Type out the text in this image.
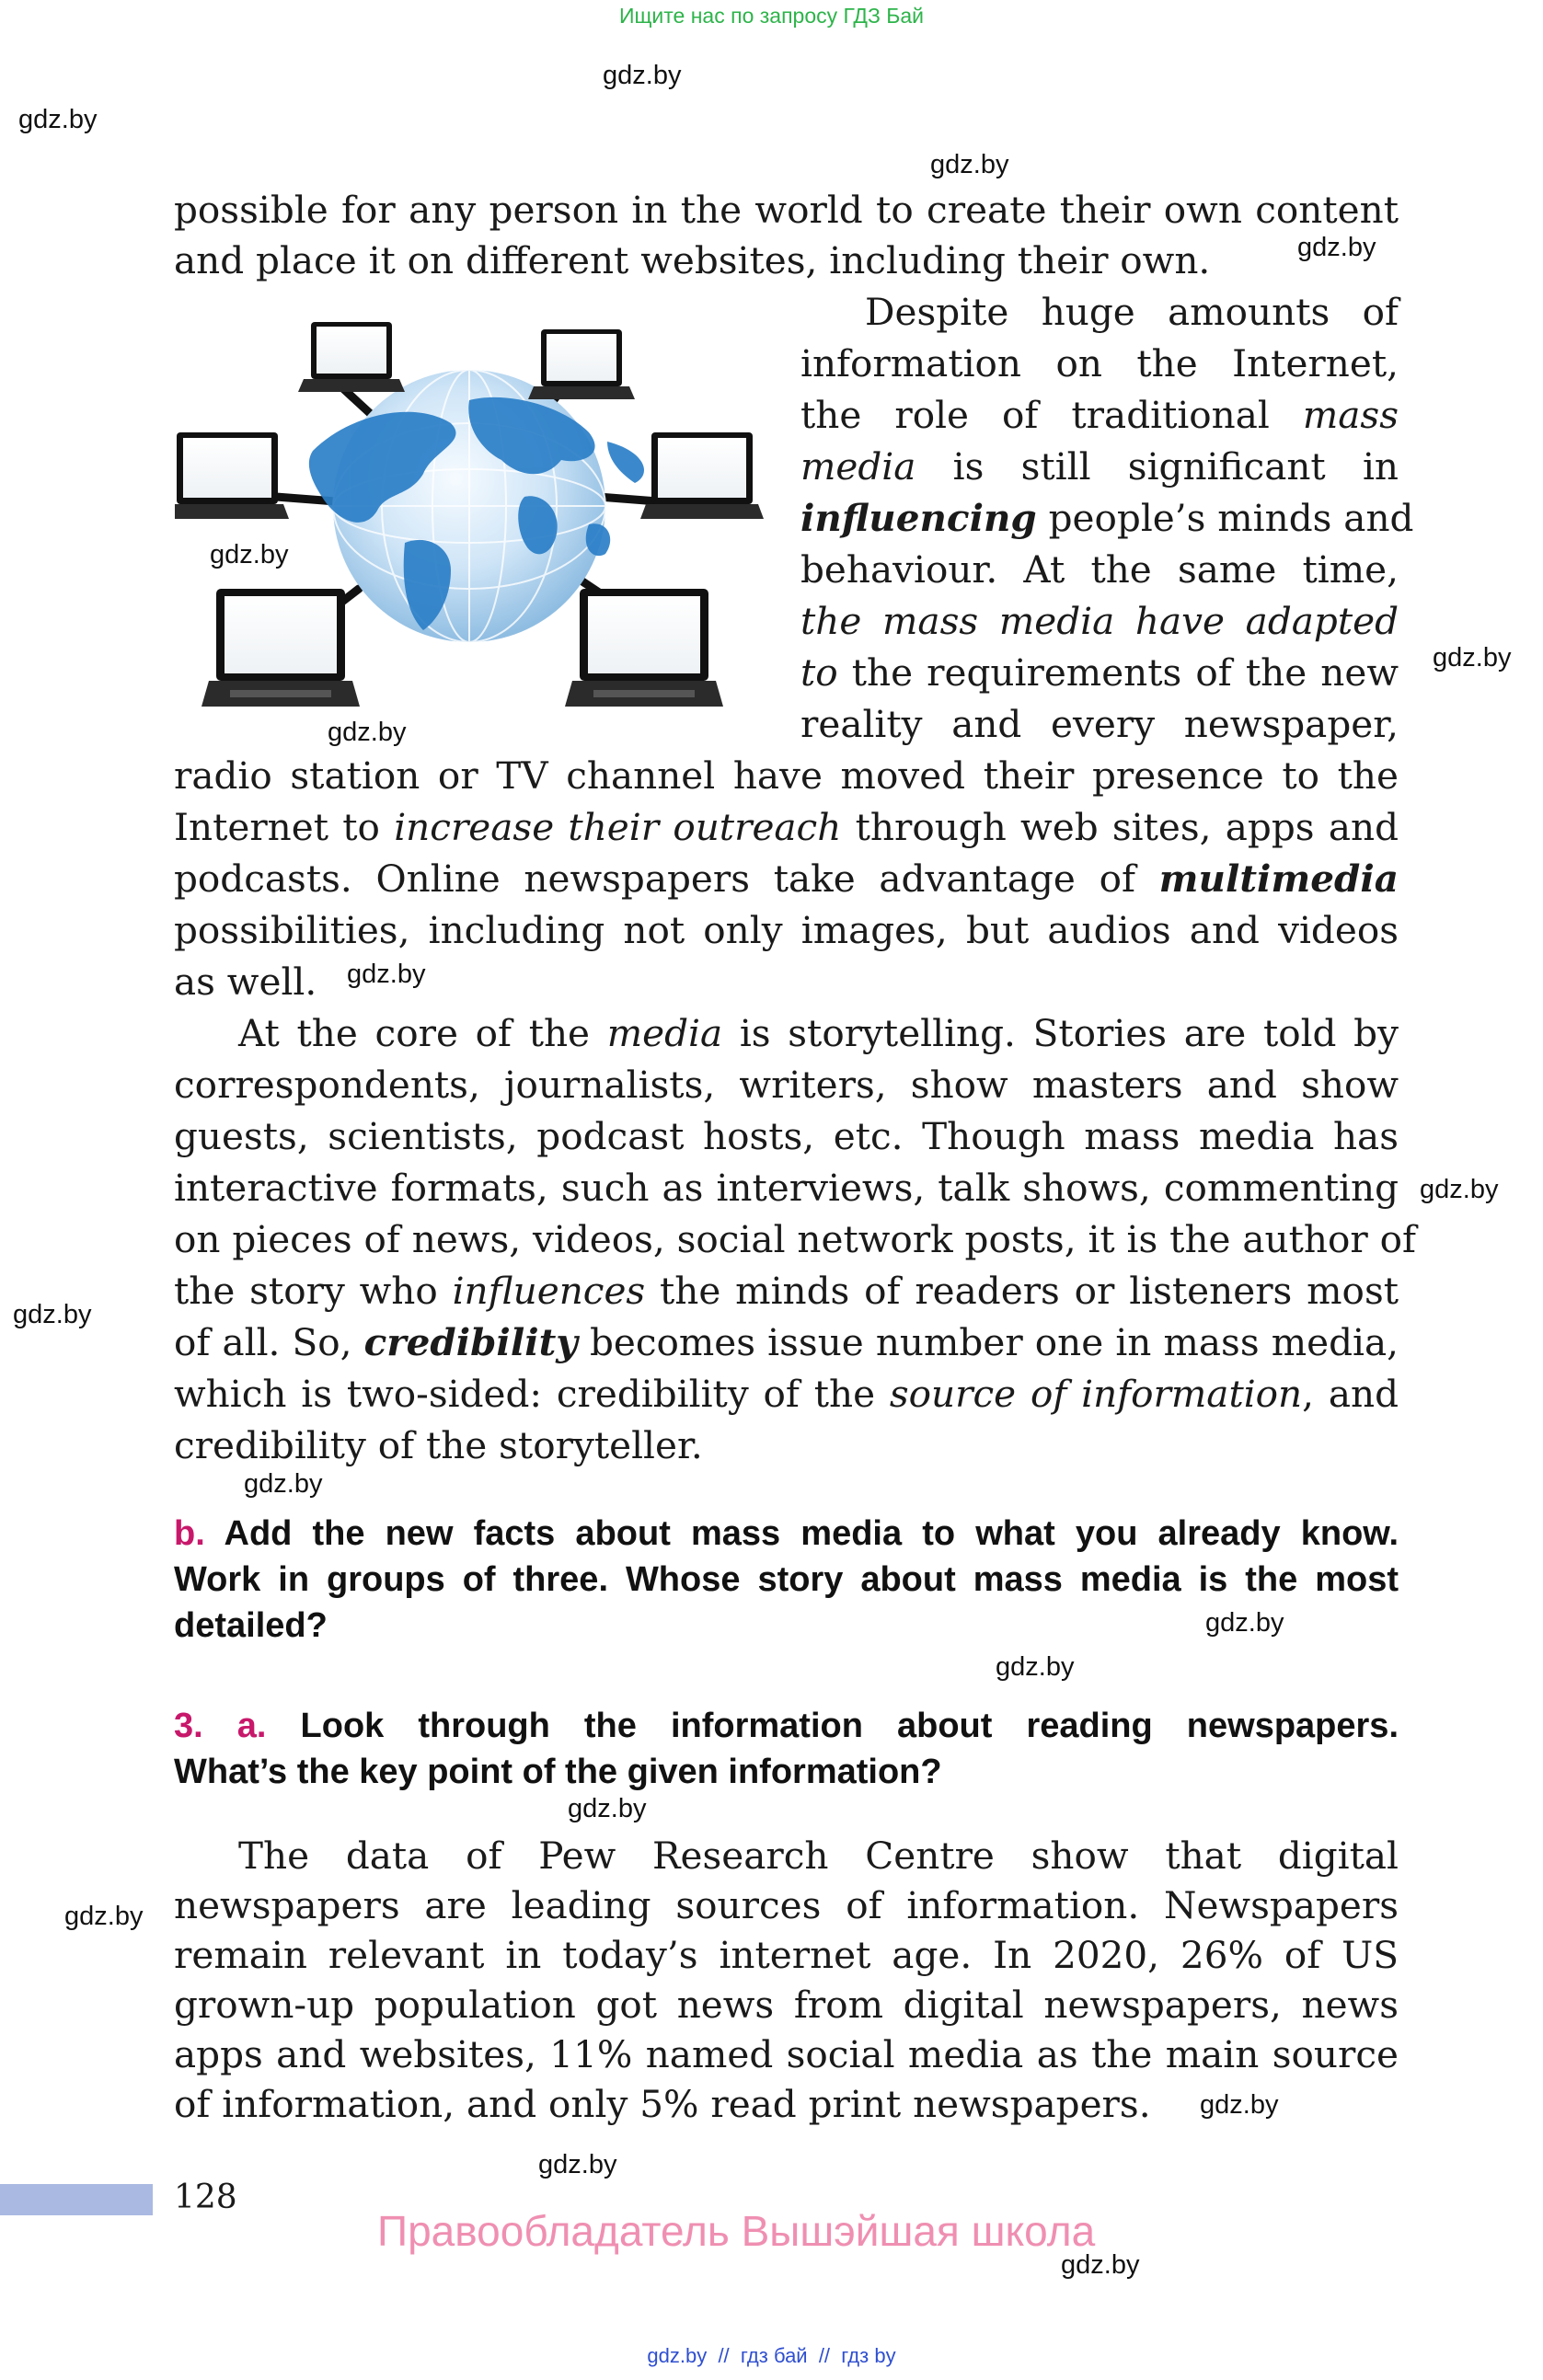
Ищите нас по запросу ГДЗ Бай
gdz.by
gdz.by
gdz.by
gdz.by
gdz.by
gdz.by
gdz.by
gdz.by
gdz.by
gdz.by
gdz.by
gdz.by
gdz.by
gdz.by
gdz.by
gdz.by
gdz.by
gdz.by
possible for any person in the world to create their own content
and place it on different websites, including their own.
Despite huge amounts of
information on the Internet,
the role of traditional mass
media is still significant in
influencing people’s minds and
behaviour. At the same time,
the mass media have adapted
to the requirements of the new
reality and every newspaper,
radio station or TV channel have moved their presence to the
Internet to increase their outreach through web sites, apps and
podcasts. Online newspapers take advantage of multimedia
possibilities, including not only images, but audios and videos
as well.
At the core of the media is storytelling. Stories are told by
correspondents, journalists, writers, show masters and show
guests, scientists, podcast hosts, etc. Though mass media has
interactive formats, such as interviews, talk shows, commenting
on pieces of news, videos, social network posts, it is the author of
the story who influences the minds of readers or listeners most
of all. So, credibility becomes issue number one in mass media,
which is two-sided: credibility of the source of information, and
credibility of the storyteller.
b. Add the new facts about mass media to what you already know.
Work in groups of three. Whose story about mass media is the most
detailed?
3. a. Look through the information about reading newspapers.
What’s the key point of the given information?
The data of Pew Research Centre show that digital
newspapers are leading sources of information. Newspapers
remain relevant in today’s internet age. In 2020, 26% of US
grown-up population got news from digital newspapers, news
apps and websites, 11% named social media as the main source
of information, and only 5% read print newspapers.
128
Правообладатель Вышэйшая школа
gdz.by  //  гдз бай  //  гдз by
